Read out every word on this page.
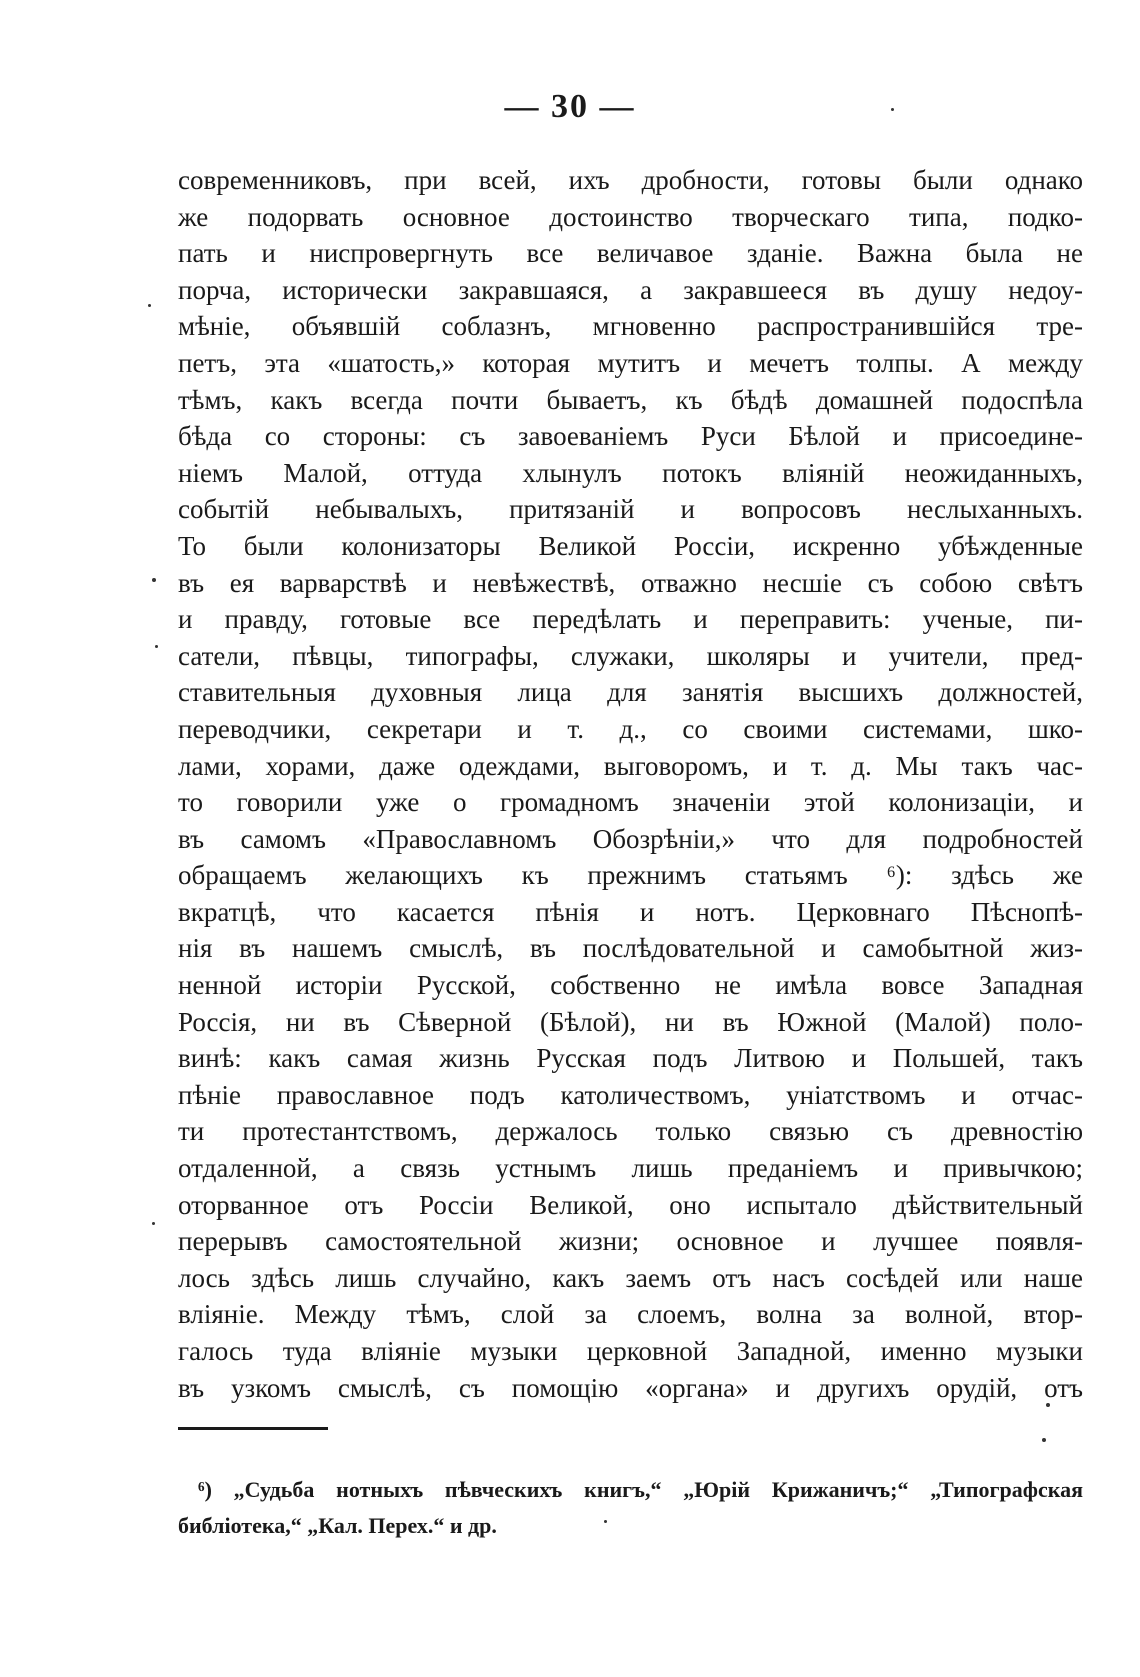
— 30 —
современниковъ, при всей, ихъ дробности, готовы были однако
же подорвать основное достоинство творческаго типа, подко-
пать и ниспровергнуть все величавое зданіе. Важна была не
порча, исторически закравшаяся, а закравшееся въ душу недоу-
мѣніе, объявшій соблазнъ, мгновенно распространившійся тре-
петъ, эта «шатость,» которая мутитъ и мечетъ толпы. А между
тѣмъ, какъ всегда почти бываетъ, къ бѣдѣ домашней подоспѣла
бѣда со стороны: съ завоеваніемъ Руси Бѣлой и присоедине-
ніемъ Малой, оттуда хлынулъ потокъ вліяній неожиданныхъ,
событій небывалыхъ, притязаній и вопросовъ неслыханныхъ.
То были колонизаторы Великой Россіи, искренно убѣжденные
въ ея варварствѣ и невѣжествѣ, отважно несшіе съ собою свѣтъ
и правду, готовые все передѣлать и переправить: ученые, пи-
сатели, пѣвцы, типографы, служаки, школяры и учители, пред-
ставительныя духовныя лица для занятія высшихъ должностей,
переводчики, секретари и т. д., со своими системами, шко-
лами, хорами, даже одеждами, выговоромъ, и т. д. Мы такъ час-
то говорили уже о громадномъ значеніи этой колонизаціи, и
въ самомъ «Православномъ Обозрѣніи,» что для подробностей
обращаемъ желающихъ къ прежнимъ статьямъ ⁶): здѣсь же
вкратцѣ, что касается пѣнія и нотъ. Церковнаго Пѣснопѣ-
нія въ нашемъ смыслѣ, въ послѣдовательной и самобытной жиз-
ненной исторіи Русской, собственно не имѣла вовсе Западная
Россія, ни въ Сѣверной (Бѣлой), ни въ Южной (Малой) поло-
винѣ: какъ самая жизнь Русская подъ Литвою и Польшей, такъ
пѣніе православное подъ католичествомъ, уніатствомъ и отчас-
ти протестантствомъ, держалось только связью съ древностію
отдаленной, а связь устнымъ лишь преданіемъ и привычкою;
оторванное отъ Россіи Великой, оно испытало дѣйствительный
перерывъ самостоятельной жизни; основное и лучшее появля-
лось здѣсь лишь случайно, какъ заемъ отъ насъ сосѣдей или наше
вліяніе. Между тѣмъ, слой за слоемъ, волна за волной, втор-
галось туда вліяніе музыки церковной Западной, именно музыки
въ узкомъ смыслѣ, съ помощію «органа» и другихъ орудій, отъ
⁶) „Судьба нотныхъ пѣвческихъ книгъ,“ „Юрій Крижаничъ;“ „Типографская
библіотека,“ „Кал. Перех.“ и др.
